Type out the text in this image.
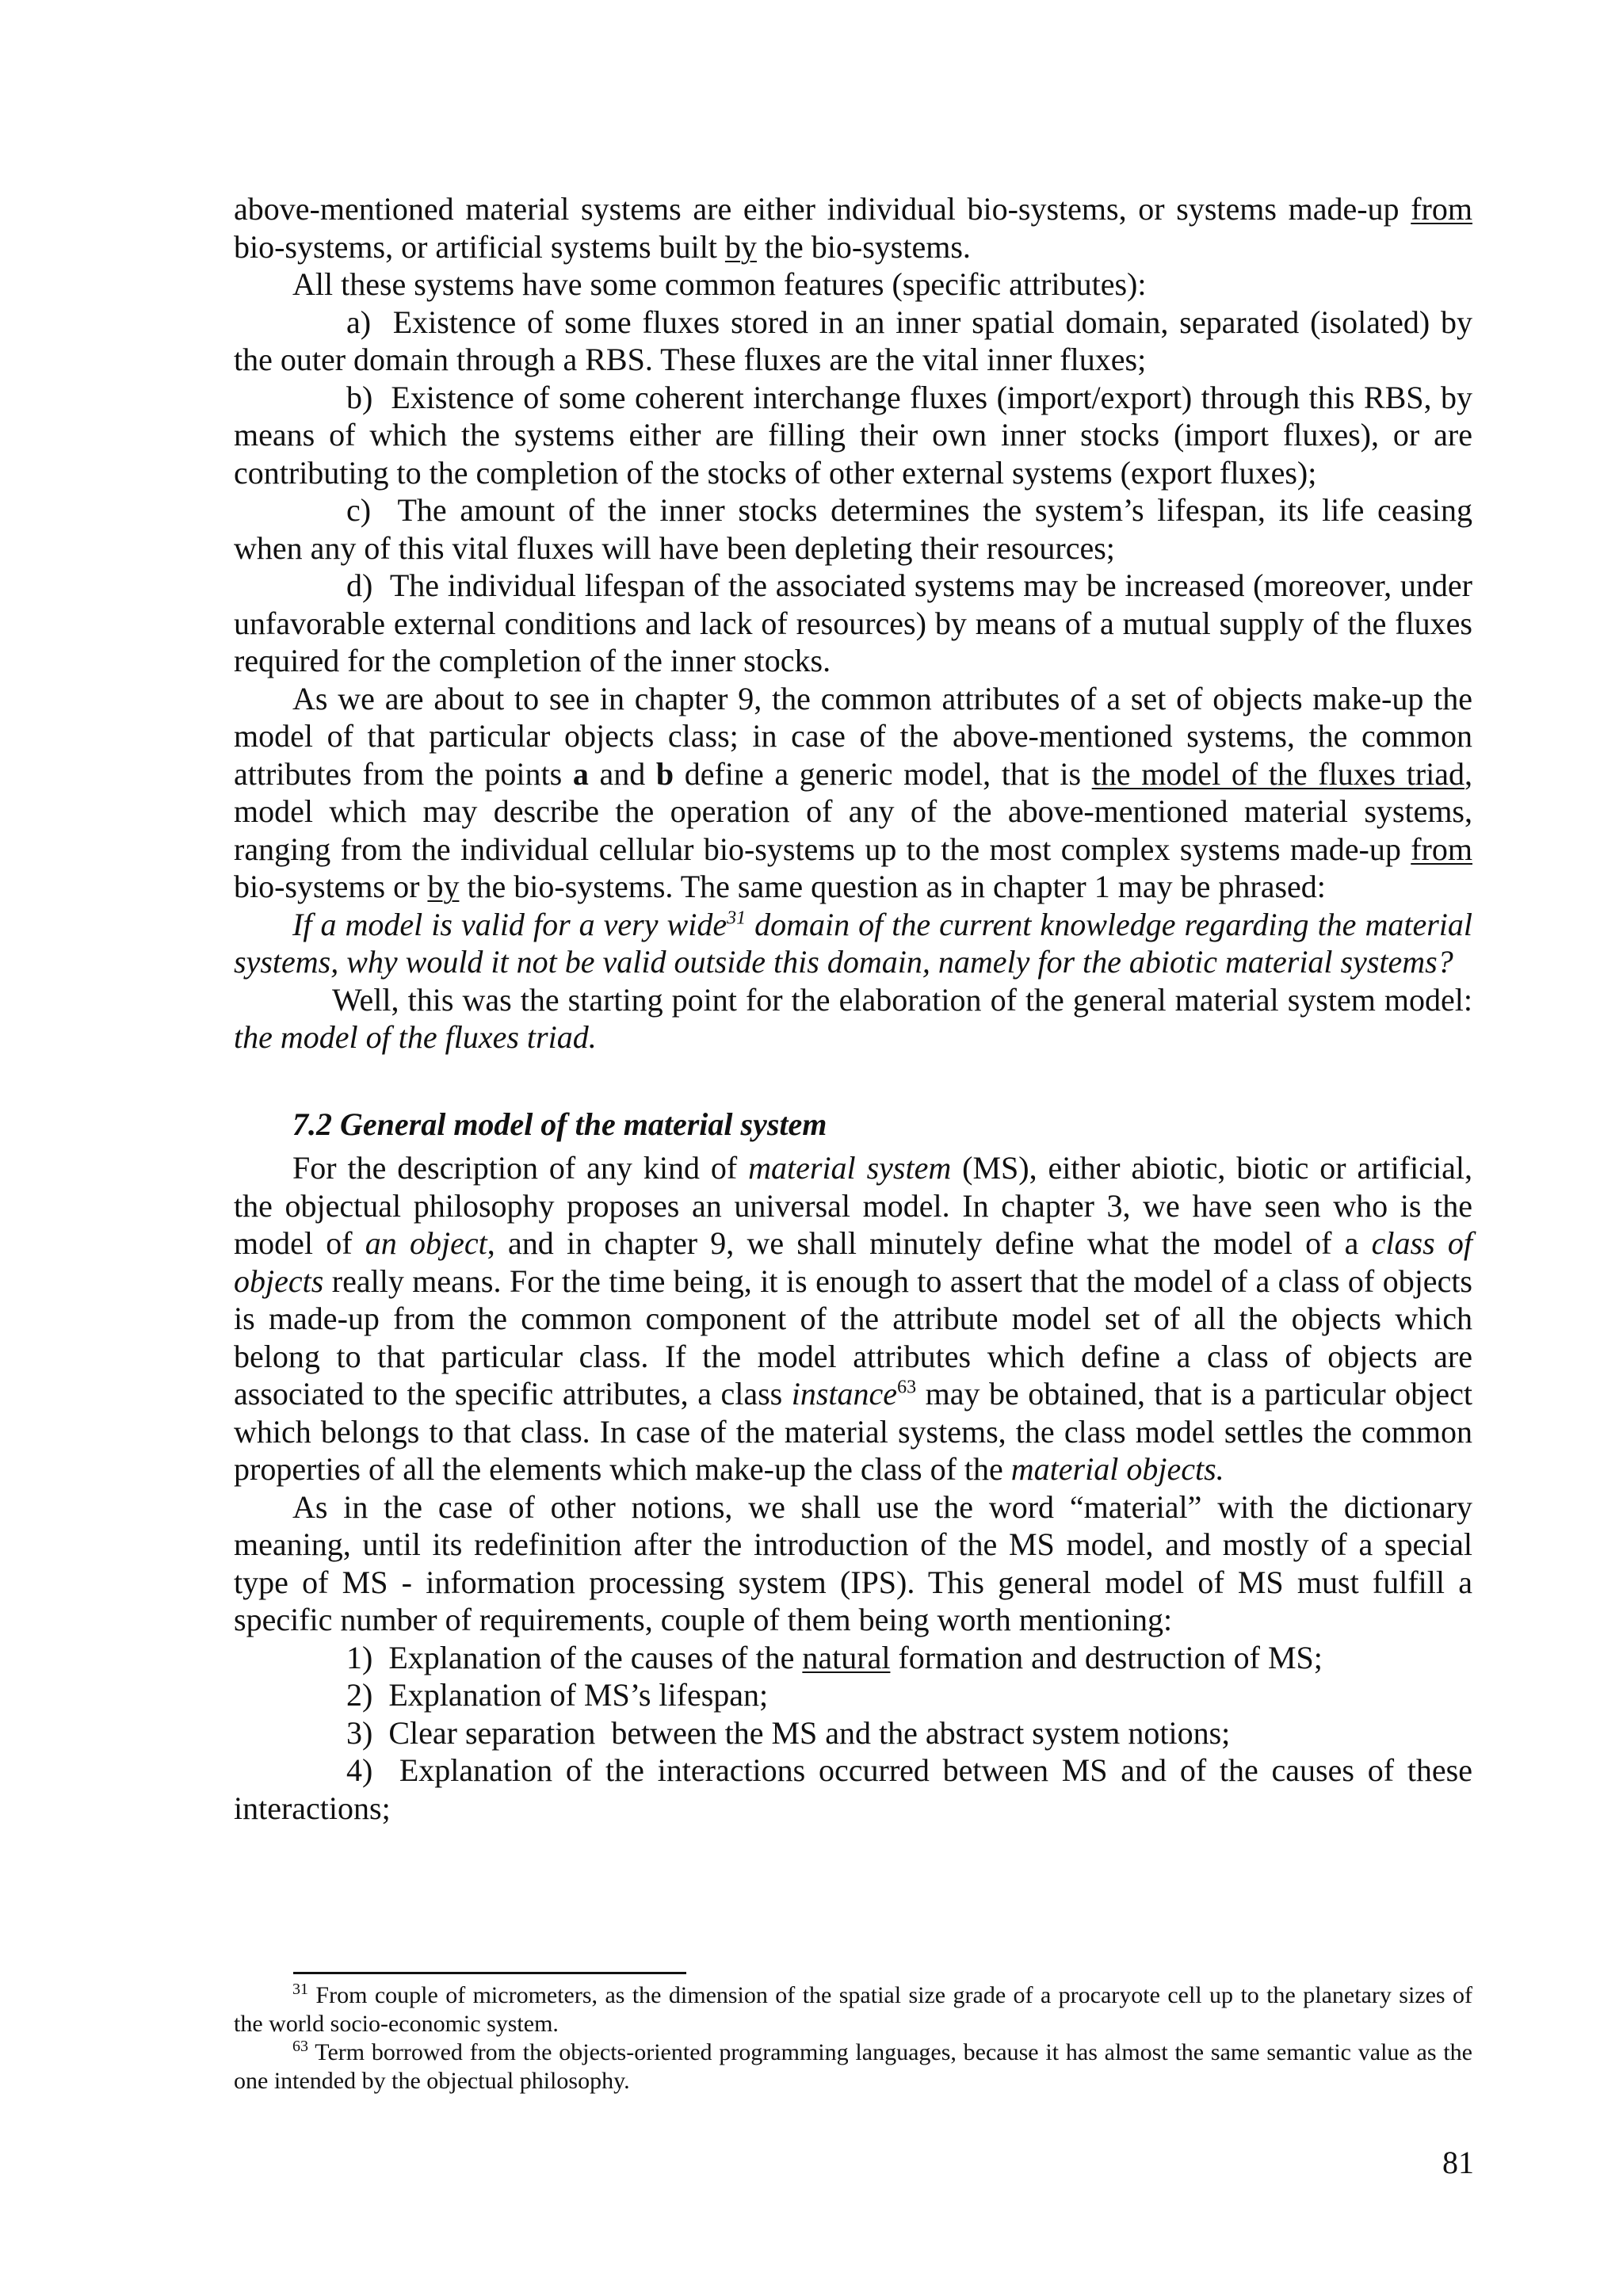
above-mentioned material systems are either individual bio-systems, or systems made-up from bio-systems, or artificial systems built by the bio-systems.

All these systems have some common features (specific attributes):

a)  Existence of some fluxes stored in an inner spatial domain, separated (isolated) by the outer domain through a RBS. These fluxes are the vital inner fluxes;

b)  Existence of some coherent interchange fluxes (import/export) through this RBS, by means of which the systems either are filling their own inner stocks (import fluxes), or are contributing to the completion of the stocks of other external systems (export fluxes);

c)  The amount of the inner stocks determines the system’s lifespan, its life ceasing when any of this vital fluxes will have been depleting their resources;

d)  The individual lifespan of the associated systems may be increased (moreover, under unfavorable external conditions and lack of resources) by means of a mutual supply of the fluxes required for the completion of the inner stocks.

As we are about to see in chapter 9, the common attributes of a set of objects make-up the model of that particular objects class; in case of the above-mentioned systems, the common attributes from the points a and b define a generic model, that is the model of the fluxes triad, model which may describe the operation of any of the above-mentioned material systems, ranging from the individual cellular bio-systems up to the most complex systems made-up from bio-systems or by the bio-systems. The same question as in chapter 1 may be phrased:

If a model is valid for a very wide$^{31}$ domain of the current knowledge regarding the material systems, why would it not be valid outside this domain, namely for the abiotic material systems?

Well, this was the starting point for the elaboration of the general material system model: the model of the fluxes triad.

7.2 General model of the material system

For the description of any kind of material system (MS), either abiotic, biotic or artificial, the objectual philosophy proposes an universal model. In chapter 3, we have seen who is the model of an object, and in chapter 9, we shall minutely define what the model of a class of objects really means. For the time being, it is enough to assert that the model of a class of objects is made-up from the common component of the attribute model set of all the objects which belong to that particular class. If the model attributes which define a class of objects are associated to the specific attributes, a class instance$^{63}$ may be obtained, that is a particular object which belongs to that class. In case of the material systems, the class model settles the common properties of all the elements which make-up the class of the material objects.

As in the case of other notions, we shall use the word “material” with the dictionary meaning, until its redefinition after the introduction of the MS model, and mostly of a special type of MS - information processing system (IPS). This general model of MS must fulfill a specific number of requirements, couple of them being worth mentioning:

1)  Explanation of the causes of the natural formation and destruction of MS;

2)  Explanation of MS’s lifespan;

3)  Clear separation  between the MS and the abstract system notions;

4)  Explanation of the interactions occurred between MS and of the causes of these interactions;

$^{31}$ From couple of micrometers, as the dimension of the spatial size grade of a procaryote cell up to the planetary sizes of the world socio-economic system.

$^{63}$ Term borrowed from the objects-oriented programming languages, because it has almost the same semantic value as the one intended by the objectual philosophy.

81
